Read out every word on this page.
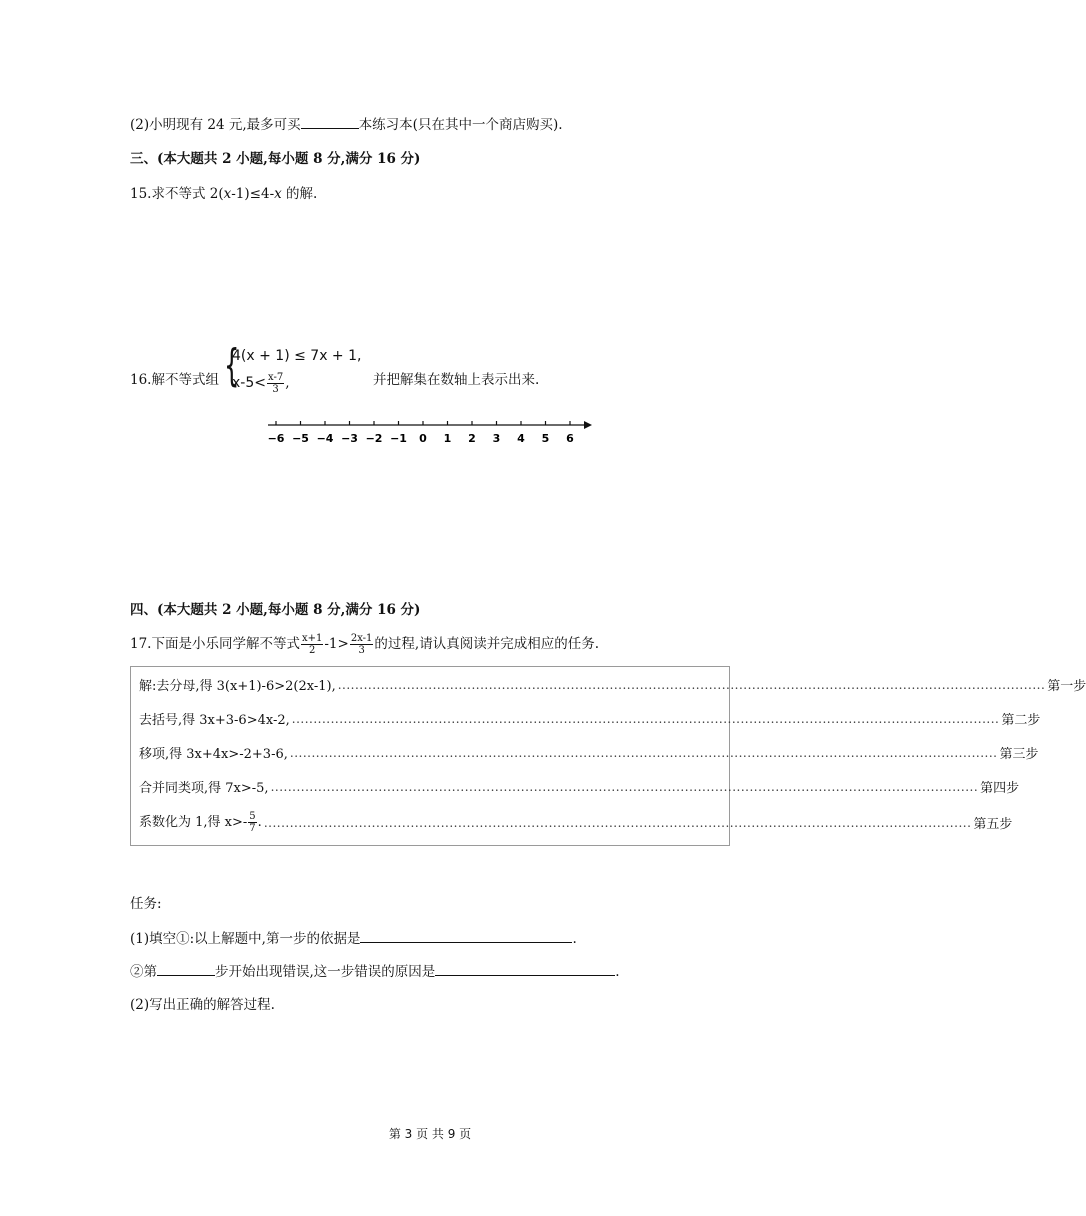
(2)小明现有 24 元,最多可买	本练习本(只在其中一个商店购买).
三、(本大题共 2 小题,每小题 8 分,满分 16 分)
15.求不等式 2(x-1)≤4-x 的解.
16.解不等式组 {
4(x + 1) ≤ 7x + 1,
$x-5< \frac{x-7}{3}$ ,	并把解集在数轴上表示出来.
−6 −5 −4 −3 −2 −1 0 1 2 3 4 5 6
四、(本大题共 2 小题,每小题 8 分,满分 16 分)
17.下面是小乐同学解不等式 $\frac{x+1}{2} -1> \frac{2x-1}{3}$ 的过程,请认真阅读并完成相应的任务.
解:去分母,得 3(x+1)-6>2(2x-1), .................................................................................................................................................................... 第一步
去括号,得 3x+3-6>4x-2, .................................................................................................................................................................... 第二步
移项,得 3x+4x>-2+3-6, .................................................................................................................................................................... 第三步
合并同类项,得 7x>-5, .................................................................................................................................................................... 第四步
系数化为 1,得 $x>- \frac{5}{7}$ . .................................................................................................................................................................... 第五步
任务:
(1)填空①:以上解题中,第一步的依据是	.
②第	步开始出现错误,这一步错误的原因是	.
(2)写出正确的解答过程.
第 3 页 共 9 页
